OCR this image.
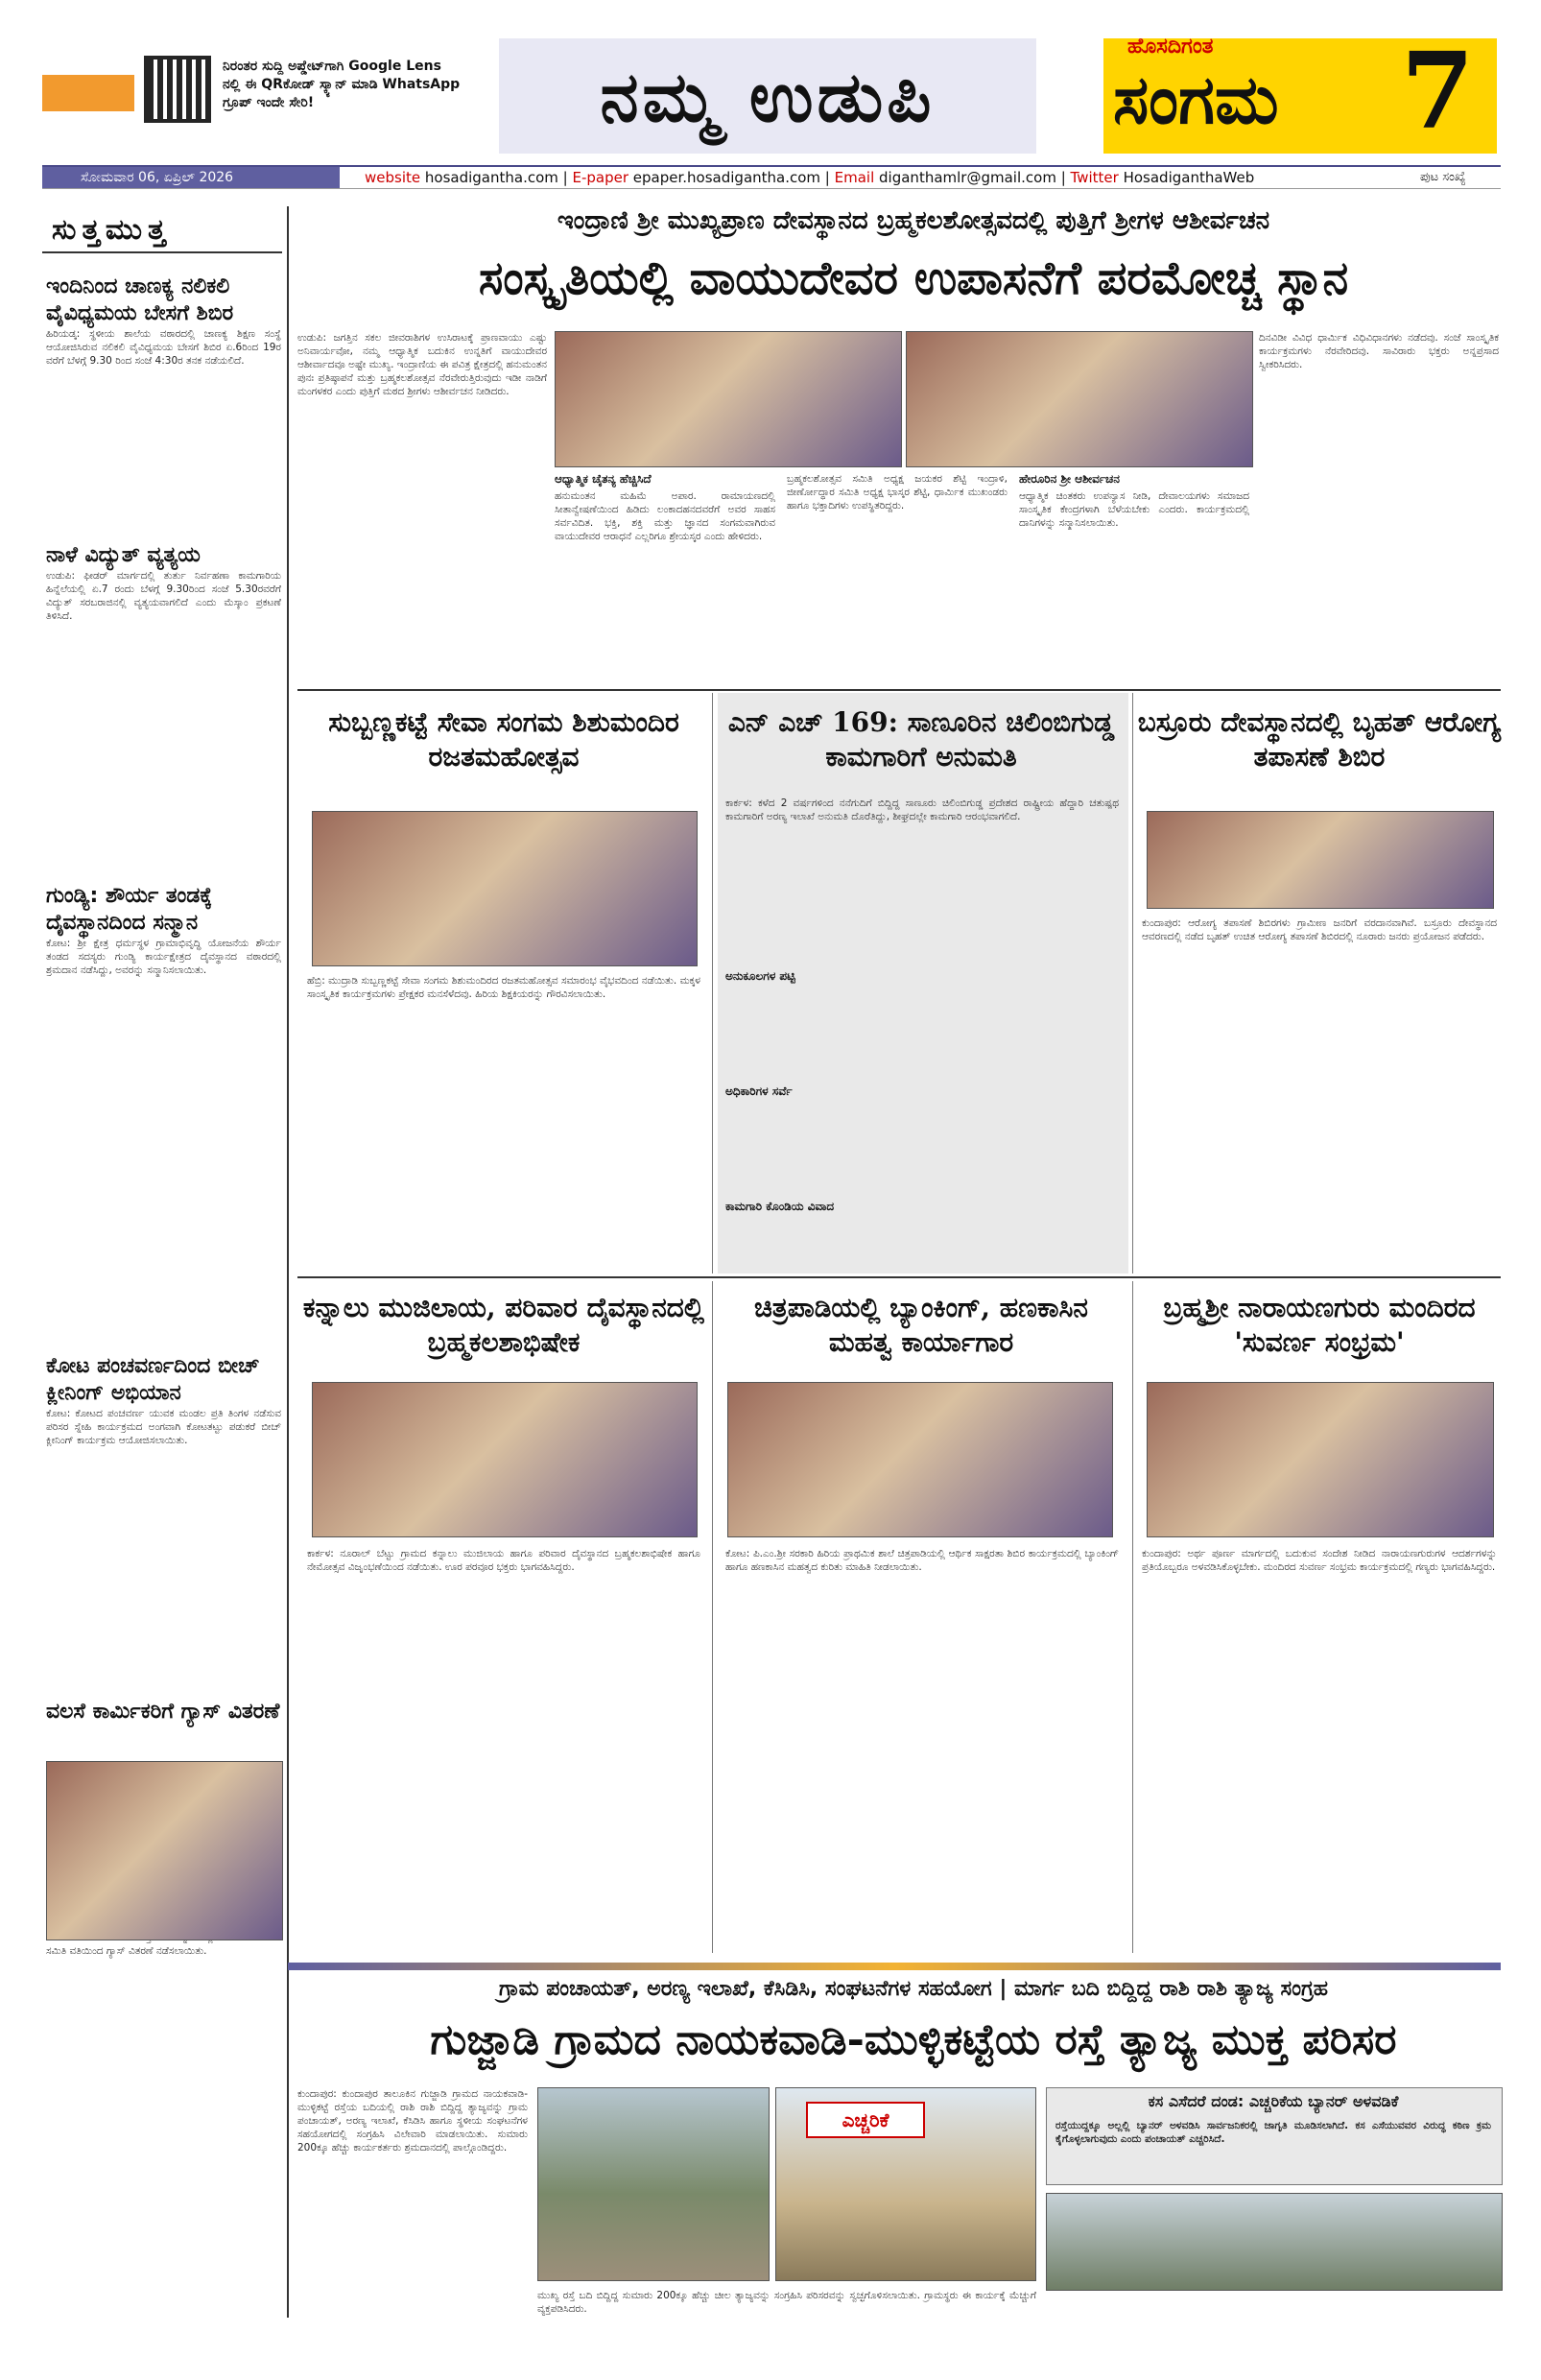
ನಿರಂತರ ಸುದ್ದಿ ಅಪ್ಡೇಟ್‌ಗಾಗಿ Google Lens ನಲ್ಲಿ ಈ QRಕೋಡ್ ಸ್ಕ್ಯಾನ್ ಮಾಡಿ WhatsApp ಗ್ರೂಪ್ ಇಂದೇ ಸೇರಿ!	ನಮ್ಮ ಉಡುಪಿ
ಹೊಸದಿಗಂತ
ಸಂಗಮ 7
ಸೋಮವಾರ 06, ಏಪ್ರಿಲ್ 2026	website hosadigantha.com | E-paper epaper.hosadigantha.com | Email diganthamlr@gmail.com | Twitter HosadiganthaWeb	ಪುಟ ಸಂಖ್ಯೆ
ಸುತ್ತಮುತ್ತ
ಇಂದಿನಿಂದ ಚಾಣಕ್ಯ ನಲಿಕಲಿ ವೈವಿಧ್ಯಮಯ ಬೇಸಗೆ ಶಿಬಿರ
ಹಿರಿಯಡ್ಕ: ಸ್ಥಳೀಯ ಶಾಲೆಯ ವಠಾರದಲ್ಲಿ ಚಾಣಕ್ಯ ಶಿಕ್ಷಣ ಸಂಸ್ಥೆ ಆಯೋಜಿಸಿರುವ ನಲಿಕಲಿ ವೈವಿಧ್ಯಮಯ ಬೇಸಗೆ ಶಿಬಿರ ಏ.6ರಿಂದ 19ರ ವರೆಗೆ ಬೆಳಗ್ಗೆ 9.30 ರಿಂದ ಸಂಜೆ 4:30ರ ತನಕ ನಡೆಯಲಿದೆ.
ನಾಳೆ ವಿದ್ಯುತ್ ವ್ಯತ್ಯಯ
ಉಡುಪಿ: ಫೀಡರ್ ಮಾರ್ಗದಲ್ಲಿ ತುರ್ತು ನಿರ್ವಹಣಾ ಕಾಮಗಾರಿಯ ಹಿನ್ನೆಲೆಯಲ್ಲಿ ಏ.7 ರಂದು ಬೆಳಗ್ಗೆ 9.30ರಿಂದ ಸಂಜೆ 5.30ರವರೆಗೆ ವಿದ್ಯುತ್ ಸರಬರಾಜಿನಲ್ಲಿ ವ್ಯತ್ಯಯವಾಗಲಿದೆ ಎಂದು ಮೆಸ್ಕಾಂ ಪ್ರಕಟಣೆ ತಿಳಿಸಿದೆ.
ಗುಂಡ್ಯಿ: ಶೌರ್ಯ ತಂಡಕ್ಕೆ ದೈವಸ್ಥಾನದಿಂದ ಸನ್ಮಾನ
ಕೋಟ: ಶ್ರೀ ಕ್ಷೇತ್ರ ಧರ್ಮಸ್ಥಳ ಗ್ರಾಮಾಭಿವೃದ್ಧಿ ಯೋಜನೆಯ ಶೌರ್ಯ ತಂಡದ ಸದಸ್ಯರು ಗುಂಡ್ಯಿ ಕಾರ್ಯಕ್ಷೇತ್ರದ ದೈವಸ್ಥಾನದ ವಠಾರದಲ್ಲಿ ಶ್ರಮದಾನ ನಡೆಸಿದ್ದು, ಅವರನ್ನು ಸನ್ಮಾನಿಸಲಾಯಿತು.
ಕೋಟ ಪಂಚವರ್ಣದಿಂದ ಬೀಚ್ ಕ್ಲೀನಿಂಗ್ ಅಭಿಯಾನ
ಕೋಟ: ಕೋಟದ ಪಂಚವರ್ಣ ಯುವಕ ಮಂಡಲ ಪ್ರತಿ ತಿಂಗಳ ನಡೆಸುವ ಪರಿಸರ ಸ್ನೇಹಿ ಕಾರ್ಯಕ್ರಮದ ಅಂಗವಾಗಿ ಕೋಟತಟ್ಟು ಪಡುಕರೆ ಬೀಚ್ ಕ್ಲೀನಿಂಗ್ ಕಾರ್ಯಕ್ರಮ ಆಯೋಜಿಸಲಾಯಿತು.
ವಲಸೆ ಕಾರ್ಮಿಕರಿಗೆ ಗ್ಯಾಸ್ ವಿತರಣೆ
ಸಮಿತಿ ವತಿಯಿಂದ ಗ್ಯಾಸ್ ವಿತರಣೆ ನಡೆಸಲಾಯಿತು.
ಇಂದ್ರಾಣಿ ಶ್ರೀ ಮುಖ್ಯಪ್ರಾಣ ದೇವಸ್ಥಾನದ ಬ್ರಹ್ಮಕಲಶೋತ್ಸವದಲ್ಲಿ ಪುತ್ತಿಗೆ ಶ್ರೀಗಳ ಆಶೀರ್ವಚನ
ಸಂಸ್ಕೃತಿಯಲ್ಲಿ ವಾಯುದೇವರ ಉಪಾಸನೆಗೆ ಪರಮೋಚ್ಚ ಸ್ಥಾನ
ಉಡುಪಿ: ಜಗತ್ತಿನ ಸಕಲ ಜೀವರಾಶಿಗಳ ಉಸಿರಾಟಕ್ಕೆ ಪ್ರಾಣವಾಯು ಎಷ್ಟು ಅನಿವಾರ್ಯವೋ, ನಮ್ಮ ಆಧ್ಯಾತ್ಮಿಕ ಬದುಕಿನ ಉನ್ನತಿಗೆ ವಾಯುದೇವರ ಆಶೀರ್ವಾದವೂ ಅಷ್ಟೇ ಮುಖ್ಯ. ಇಂದ್ರಾಣಿಯ ಈ ಪವಿತ್ರ ಕ್ಷೇತ್ರದಲ್ಲಿ ಹನುಮಂತನ ಪುನಃ ಪ್ರತಿಷ್ಠಾಪನೆ ಮತ್ತು ಬ್ರಹ್ಮಕಲಶೋತ್ಸವ ನೆರವೇರುತ್ತಿರುವುದು ಇಡೀ ನಾಡಿಗೆ ಮಂಗಳಕರ ಎಂದು ಪುತ್ತಿಗೆ ಮಠದ ಶ್ರೀಗಳು ಆಶೀರ್ವಚನ ನೀಡಿದರು.
ಆಧ್ಯಾತ್ಮಿಕ ಚೈತನ್ಯ ಹೆಚ್ಚಿಸಿದೆ
ಹನುಮಂತನ ಮಹಿಮೆ ಅಪಾರ. ರಾಮಾಯಣದಲ್ಲಿ ಸೀತಾನ್ವೇಷಣೆಯಿಂದ ಹಿಡಿದು ಲಂಕಾದಹನದವರೆಗೆ ಅವರ ಸಾಹಸ ಸರ್ವವಿದಿತ. ಭಕ್ತಿ, ಶಕ್ತಿ ಮತ್ತು ಜ್ಞಾನದ ಸಂಗಮವಾಗಿರುವ ವಾಯುದೇವರ ಆರಾಧನೆ ಎಲ್ಲರಿಗೂ ಶ್ರೇಯಸ್ಕರ ಎಂದು ಹೇಳಿದರು.
ಬ್ರಹ್ಮಕಲಶೋತ್ಸವ ಸಮಿತಿ ಅಧ್ಯಕ್ಷ ಜಯಕರ ಶೆಟ್ಟಿ ಇಂದ್ರಾಳಿ, ಜೀರ್ಣೋದ್ಧಾರ ಸಮಿತಿ ಅಧ್ಯಕ್ಷ ಭಾಸ್ಕರ ಶೆಟ್ಟಿ, ಧಾರ್ಮಿಕ ಮುಖಂಡರು ಹಾಗೂ ಭಕ್ತಾದಿಗಳು ಉಪಸ್ಥಿತರಿದ್ದರು.
ಹೇರೂರಿನ ಶ್ರೀ ಆಶೀರ್ವಚನ
ಆಧ್ಯಾತ್ಮಿಕ ಚಿಂತಕರು ಉಪನ್ಯಾಸ ನೀಡಿ, ದೇವಾಲಯಗಳು ಸಮಾಜದ ಸಾಂಸ್ಕೃತಿಕ ಕೇಂದ್ರಗಳಾಗಿ ಬೆಳೆಯಬೇಕು ಎಂದರು. ಕಾರ್ಯಕ್ರಮದಲ್ಲಿ ದಾನಿಗಳನ್ನು ಸನ್ಮಾನಿಸಲಾಯಿತು.
ದಿನವಿಡೀ ವಿವಿಧ ಧಾರ್ಮಿಕ ವಿಧಿವಿಧಾನಗಳು ನಡೆದವು. ಸಂಜೆ ಸಾಂಸ್ಕೃತಿಕ ಕಾರ್ಯಕ್ರಮಗಳು ನೆರವೇರಿದವು. ಸಾವಿರಾರು ಭಕ್ತರು ಅನ್ನಪ್ರಸಾದ ಸ್ವೀಕರಿಸಿದರು.
ಸುಬ್ಬಣ್ಣಕಟ್ಟೆ ಸೇವಾ ಸಂಗಮ ಶಿಶುಮಂದಿರ ರಜತಮಹೋತ್ಸವ
ಹೆಬ್ರಿ: ಮುದ್ರಾಡಿ ಸುಬ್ಬಣ್ಣಕಟ್ಟೆ ಸೇವಾ ಸಂಗಮ ಶಿಶುಮಂದಿರದ ರಜತಮಹೋತ್ಸವ ಸಮಾರಂಭ ವೈಭವದಿಂದ ನಡೆಯಿತು. ಮಕ್ಕಳ ಸಾಂಸ್ಕೃತಿಕ ಕಾರ್ಯಕ್ರಮಗಳು ಪ್ರೇಕ್ಷಕರ ಮನಸೆಳೆದವು. ಹಿರಿಯ ಶಿಕ್ಷಕಿಯರನ್ನು ಗೌರವಿಸಲಾಯಿತು.
ಎನ್ ಎಚ್ 169: ಸಾಣೂರಿನ ಚಿಲಿಂಬಿಗುಡ್ಡ ಕಾಮಗಾರಿಗೆ ಅನುಮತಿ
ಕಾರ್ಕಳ: ಕಳೆದ 2 ವರ್ಷಗಳಿಂದ ನನೆಗುದಿಗೆ ಬಿದ್ದಿದ್ದ ಸಾಣೂರು ಚಿಲಿಂಬಿಗುಡ್ಡ ಪ್ರದೇಶದ ರಾಷ್ಟ್ರೀಯ ಹೆದ್ದಾರಿ ಚತುಷ್ಪಥ ಕಾಮಗಾರಿಗೆ ಅರಣ್ಯ ಇಲಾಖೆ ಅನುಮತಿ ದೊರೆತಿದ್ದು, ಶೀಘ್ರದಲ್ಲೇ ಕಾಮಗಾರಿ ಆರಂಭವಾಗಲಿದೆ.
ಅನುಕೂಲಗಳ ಪಟ್ಟಿ
ಅಧಿಕಾರಿಗಳ ಸರ್ವೆ
ಕಾಮಗಾರಿ ಕೊಂಡಿಯ ವಿವಾದ
ಬಸ್ರೂರು ದೇವಸ್ಥಾನದಲ್ಲಿ ಬೃಹತ್ ಆರೋಗ್ಯ ತಪಾಸಣೆ ಶಿಬಿರ
ಕುಂದಾಪುರ: ಆರೋಗ್ಯ ತಪಾಸಣೆ ಶಿಬಿರಗಳು ಗ್ರಾಮೀಣ ಜನರಿಗೆ ವರದಾನವಾಗಿವೆ. ಬಸ್ರೂರು ದೇವಸ್ಥಾನದ ಆವರಣದಲ್ಲಿ ನಡೆದ ಬೃಹತ್ ಉಚಿತ ಆರೋಗ್ಯ ತಪಾಸಣೆ ಶಿಬಿರದಲ್ಲಿ ನೂರಾರು ಜನರು ಪ್ರಯೋಜನ ಪಡೆದರು.
ಕನ್ನಾಲು ಮುಜಿಲಾಯ, ಪರಿವಾರ ದೈವಸ್ಥಾನದಲ್ಲಿ ಬ್ರಹ್ಮಕಲಶಾಭಿಷೇಕ
ಕಾರ್ಕಳ: ನೂರಾಲ್ ಬೆಟ್ಟು ಗ್ರಾಮದ ಕನ್ನಾಲು ಮುಜಿಲಾಯ ಹಾಗೂ ಪರಿವಾರ ದೈವಸ್ಥಾನದ ಬ್ರಹ್ಮಕಲಶಾಭಿಷೇಕ ಹಾಗೂ ನೇಮೋತ್ಸವ ವಿಜೃಂಭಣೆಯಿಂದ ನಡೆಯಿತು. ಊರ ಪರವೂರ ಭಕ್ತರು ಭಾಗವಹಿಸಿದ್ದರು.
ಚಿತ್ರಪಾಡಿಯಲ್ಲಿ ಬ್ಯಾಂಕಿಂಗ್, ಹಣಕಾಸಿನ ಮಹತ್ವ ಕಾರ್ಯಾಗಾರ
ಕೋಟ: ಪಿ.ಎಂ.ಶ್ರೀ ಸರಕಾರಿ ಹಿರಿಯ ಪ್ರಾಥಮಿಕ ಶಾಲೆ ಚಿತ್ರಪಾಡಿಯಲ್ಲಿ ಆರ್ಥಿಕ ಸಾಕ್ಷರತಾ ಶಿಬಿರ ಕಾರ್ಯಕ್ರಮದಲ್ಲಿ ಬ್ಯಾಂಕಿಂಗ್ ಹಾಗೂ ಹಣಕಾಸಿನ ಮಹತ್ವದ ಕುರಿತು ಮಾಹಿತಿ ನೀಡಲಾಯಿತು.
ಬ್ರಹ್ಮಶ್ರೀ ನಾರಾಯಣಗುರು ಮಂದಿರದ 'ಸುವರ್ಣ ಸಂಭ್ರಮ'
ಕುಂದಾಪುರ: ಅರ್ಥ ಪೂರ್ಣ ಮಾರ್ಗದಲ್ಲಿ ಬದುಕುವ ಸಂದೇಶ ನೀಡಿದ ನಾರಾಯಣಗುರುಗಳ ಆದರ್ಶಗಳನ್ನು ಪ್ರತಿಯೊಬ್ಬರೂ ಅಳವಡಿಸಿಕೊಳ್ಳಬೇಕು. ಮಂದಿರದ ಸುವರ್ಣ ಸಂಭ್ರಮ ಕಾರ್ಯಕ್ರಮದಲ್ಲಿ ಗಣ್ಯರು ಭಾಗವಹಿಸಿದ್ದರು.
ಗ್ರಾಮ ಪಂಚಾಯತ್, ಅರಣ್ಯ ಇಲಾಖೆ, ಕೆಸಿಡಿಸಿ, ಸಂಘಟನೆಗಳ ಸಹಯೋಗ | ಮಾರ್ಗ ಬದಿ ಬಿದ್ದಿದ್ದ ರಾಶಿ ರಾಶಿ ತ್ಯಾಜ್ಯ ಸಂಗ್ರಹ
ಗುಜ್ಜಾಡಿ ಗ್ರಾಮದ ನಾಯಕವಾಡಿ-ಮುಳ್ಳಿಕಟ್ಟೆಯ ರಸ್ತೆ ತ್ಯಾಜ್ಯ ಮುಕ್ತ ಪರಿಸರ
ಕುಂದಾಪುರ: ಕುಂದಾಪುರ ತಾಲೂಕಿನ ಗುಜ್ಜಾಡಿ ಗ್ರಾಮದ ನಾಯಕವಾಡಿ-ಮುಳ್ಳಿಕಟ್ಟೆ ರಸ್ತೆಯ ಬದಿಯಲ್ಲಿ ರಾಶಿ ರಾಶಿ ಬಿದ್ದಿದ್ದ ತ್ಯಾಜ್ಯವನ್ನು ಗ್ರಾಮ ಪಂಚಾಯತ್, ಅರಣ್ಯ ಇಲಾಖೆ, ಕೆಸಿಡಿಸಿ ಹಾಗೂ ಸ್ಥಳೀಯ ಸಂಘಟನೆಗಳ ಸಹಯೋಗದಲ್ಲಿ ಸಂಗ್ರಹಿಸಿ ವಿಲೇವಾರಿ ಮಾಡಲಾಯಿತು. ಸುಮಾರು 200ಕ್ಕೂ ಹೆಚ್ಚು ಕಾರ್ಯಕರ್ತರು ಶ್ರಮದಾನದಲ್ಲಿ ಪಾಲ್ಗೊಂಡಿದ್ದರು.
ಎಚ್ಚರಿಕೆ
ಮುಖ್ಯ ರಸ್ತೆ ಬದಿ ಬಿದ್ದಿದ್ದ ಸುಮಾರು 200ಕ್ಕೂ ಹೆಚ್ಚು ಚೀಲ ತ್ಯಾಜ್ಯವನ್ನು ಸಂಗ್ರಹಿಸಿ ಪರಿಸರವನ್ನು ಸ್ವಚ್ಛಗೊಳಿಸಲಾಯಿತು. ಗ್ರಾಮಸ್ಥರು ಈ ಕಾರ್ಯಕ್ಕೆ ಮೆಚ್ಚುಗೆ ವ್ಯಕ್ತಪಡಿಸಿದರು.
ಕಸ ಎಸೆದರೆ ದಂಡ: ಎಚ್ಚರಿಕೆಯ ಬ್ಯಾನರ್ ಅಳವಡಿಕೆ
ರಸ್ತೆಯುದ್ದಕ್ಕೂ ಅಲ್ಲಲ್ಲಿ ಬ್ಯಾನರ್ ಅಳವಡಿಸಿ ಸಾರ್ವಜನಿಕರಲ್ಲಿ ಜಾಗೃತಿ ಮೂಡಿಸಲಾಗಿದೆ. ಕಸ ಎಸೆಯುವವರ ವಿರುದ್ಧ ಕಠಿಣ ಕ್ರಮ ಕೈಗೊಳ್ಳಲಾಗುವುದು ಎಂದು ಪಂಚಾಯತ್ ಎಚ್ಚರಿಸಿದೆ.
